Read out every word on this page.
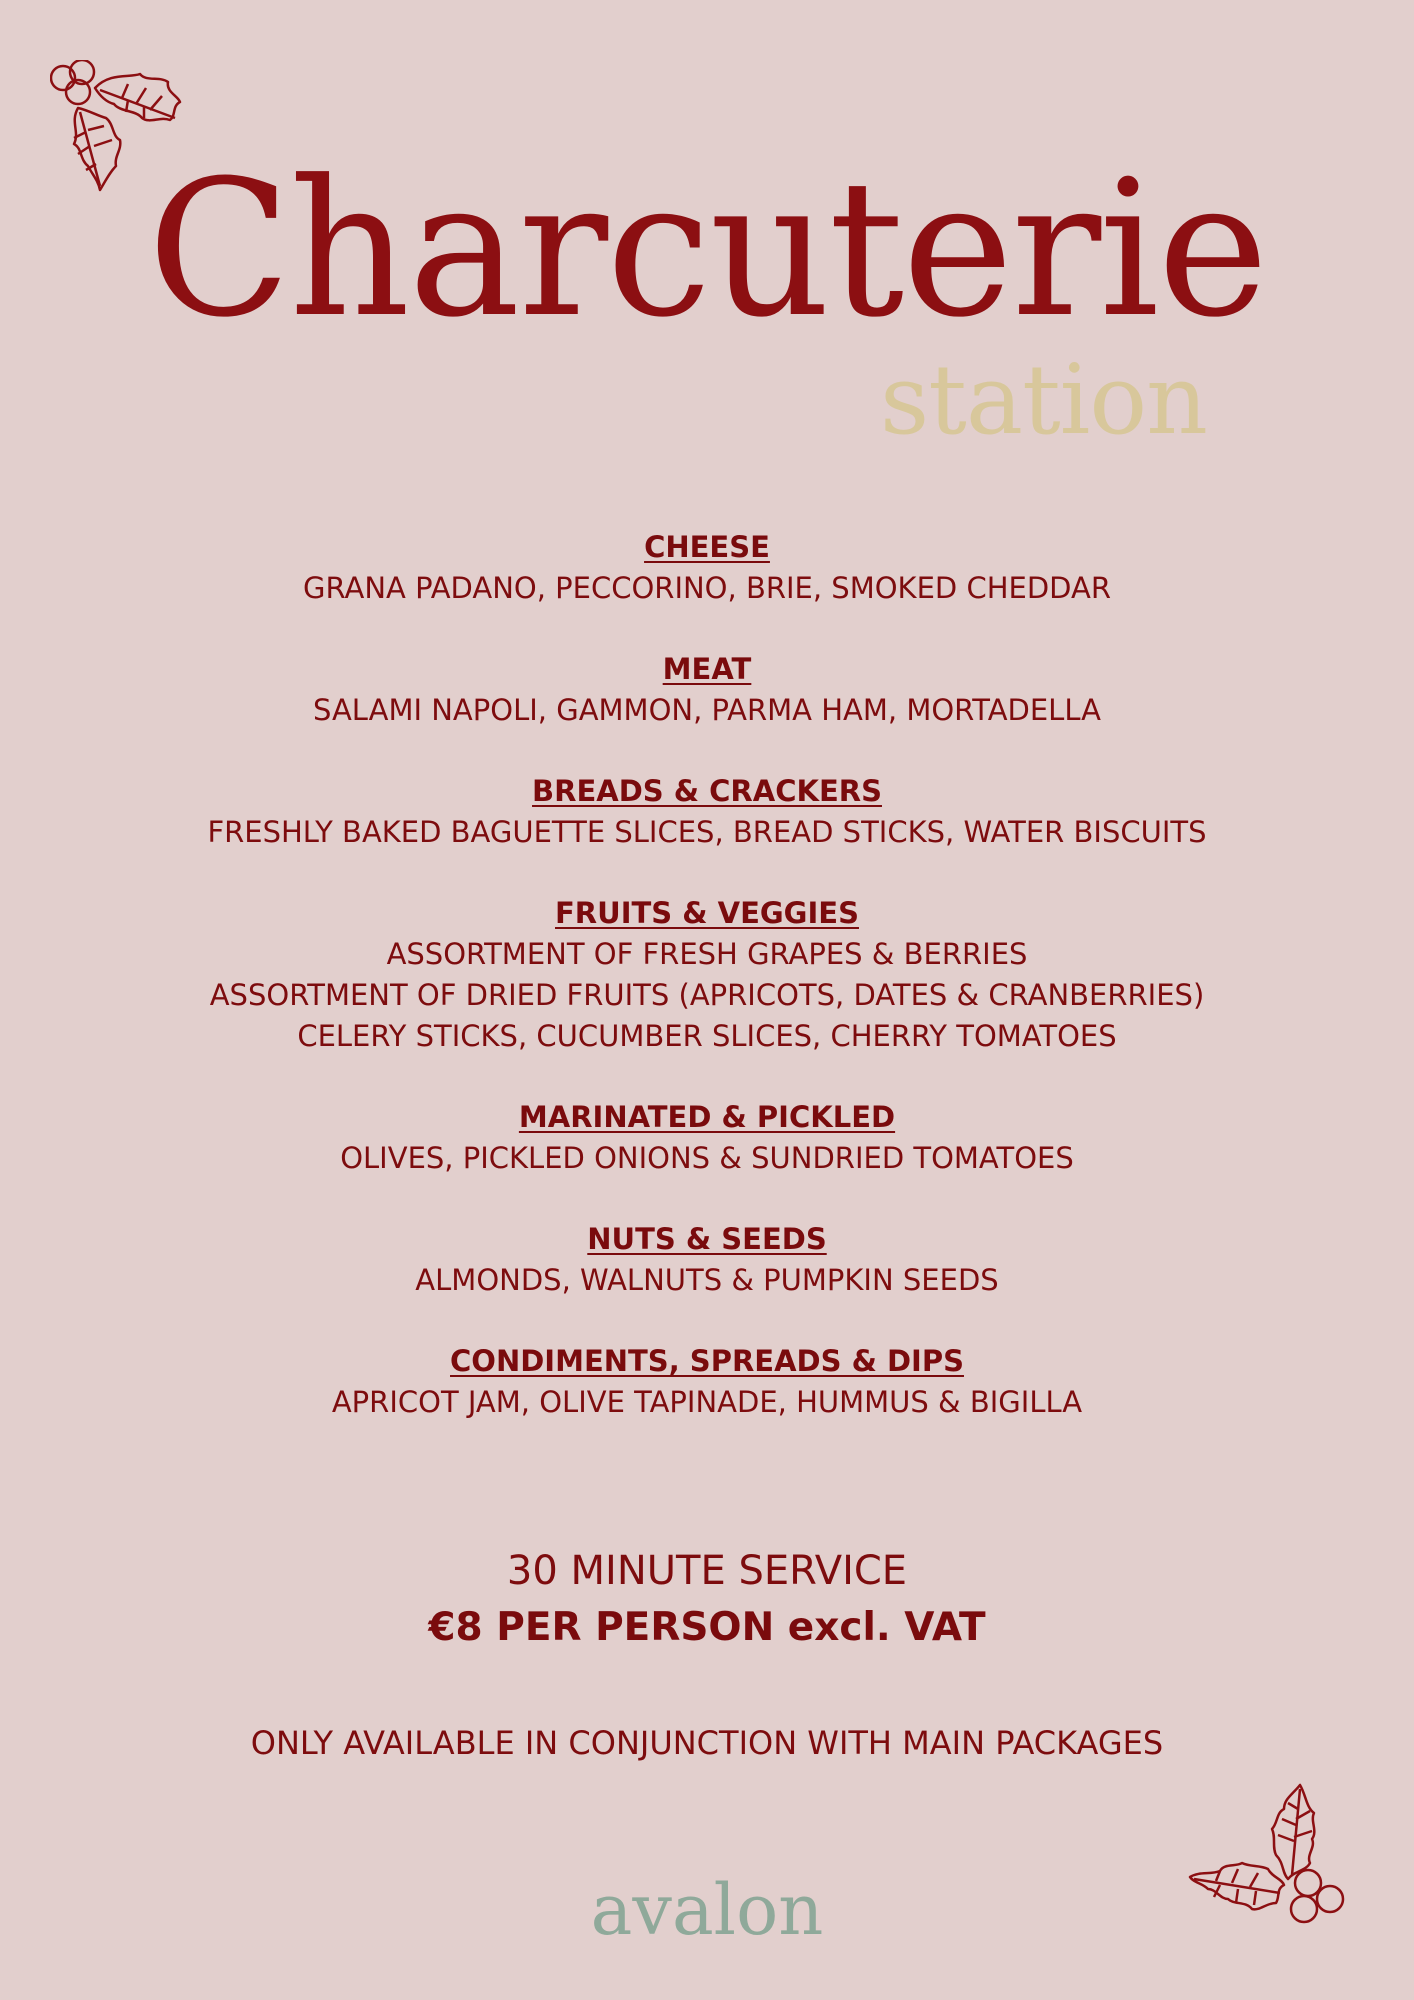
Charcuterie
station
CHEESE
GRANA PADANO, PECCORINO, BRIE, SMOKED CHEDDAR
MEAT
SALAMI NAPOLI, GAMMON, PARMA HAM, MORTADELLA
BREADS & CRACKERS
FRESHLY BAKED BAGUETTE SLICES, BREAD STICKS, WATER BISCUITS
FRUITS & VEGGIES
ASSORTMENT OF FRESH GRAPES & BERRIES
ASSORTMENT OF DRIED FRUITS (APRICOTS, DATES & CRANBERRIES)
CELERY STICKS, CUCUMBER SLICES, CHERRY TOMATOES
MARINATED & PICKLED
OLIVES, PICKLED ONIONS & SUNDRIED TOMATOES
NUTS & SEEDS
ALMONDS, WALNUTS & PUMPKIN SEEDS
CONDIMENTS, SPREADS & DIPS
APRICOT JAM, OLIVE TAPINADE, HUMMUS & BIGILLA
30 MINUTE SERVICE
€8 PER PERSON excl. VAT
ONLY AVAILABLE IN CONJUNCTION WITH MAIN PACKAGES
avalon
